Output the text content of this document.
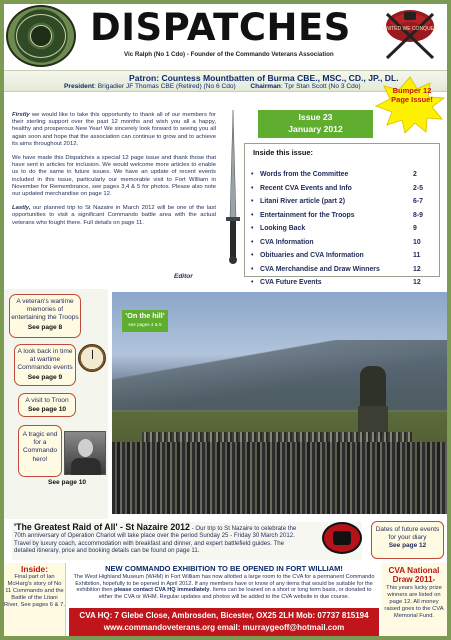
DISPATCHES
Vic Ralph (No 1 Cdo) - Founder of the Commando Veterans Association
UNITED WE CONQUER
Patron: Countess Mountbatten of Burma CBE., MSC., CD., JP., DL.
President: Brigadier JF Thomas CBE (Retired) (No 6 Cdo) Chairman: Tpr Stan Scott (No 3 Cdo)	Bumper 12 Page Issue!

Firstly we would like to take this opportunity to thank all of our members for their sterling support over the past 12 months and wish you all a happy, healthy and prosperous New Year! We sincerely look forward to seeing you all again soon and hope that the association can continue to grow and to achieve its aims throughout 2012.

We have made this Dispatches a special 12 page issue and thank those that have sent in articles for inclusion. We would welcome more articles to enable us to do the same in future issues. We have an update of recent events included in this issue, particularly our memorable visit to Fort William in November for Remembrance, see pages 3,4 & 5 for photos. Please also note our updated merchandise on page 12.

Lastly, our planned trip to St Nazaire in March 2012 will be one of the last opportunities to visit a significant Commando battle area with the actual veterans who fought there. Full details on page 11.

Editor
Issue 23
January 2012
Inside this issue:
• Words from the Committee	2
• Recent CVA Events and Info	2-5
• Litani River article (part 2)	6-7
• Entertainment for the Troops	8-9
• Looking Back	9
• CVA Information	10
• Obituaries and CVA Information	11
• CVA Merchandise and Draw Winners	12
• CVA Future Events	12
A veteran's wartime memories of entertaining the Troops
See page 8
A look back in time at wartime Commando events
See page 9
A visit to Troon
See page 10
A tragic end for a Commando hero!
See page 10
'On the hill'
see pages 4 & 5
'The Greatest Raid of All' - St Nazaire 2012 - Our trip to St Nazaire to celebrate the 70th anniversary of Operation Chariot will take place over the period Sunday 25 - Friday 30 March 2012. Travel by luxury coach, accommodation with breakfast and dinner, and expert battlefield guides. The detailed itinerary, price and booking details can be found on page 11.
Dates of future events for your diary
See page 12
Inside:
Final part of Ian McHarg's story of No 11 Commando and the Battle of the Litani River. See pages 6 & 7.
NEW COMMANDO EXHIBITION TO BE OPENED IN FORT WILLIAM!
The West Highland Museum (WHM) in Fort William has now allotted a large room to the CVA for a permanent Commando Exhibition, hopefully to be opened in April 2012. If any members have or know of any items that would be suitable for the exhibition then please contact CVA HQ immediately. Items can be loaned on a short or long term basis, or donated to either the CVA or WHM. Regular updates and photos will be added to the CVA website in due course.
CVA HQ: 7 Glebe Close, Ambrosden, Bicester, OX25 2LH Mob: 07737 815194
www.commandoveterans.org email: murraygeoff@hotmail.com
CVA National Draw 2011-
This years lucky prize winners are listed on page 12. All money raised goes to the CVA Memorial Fund.
